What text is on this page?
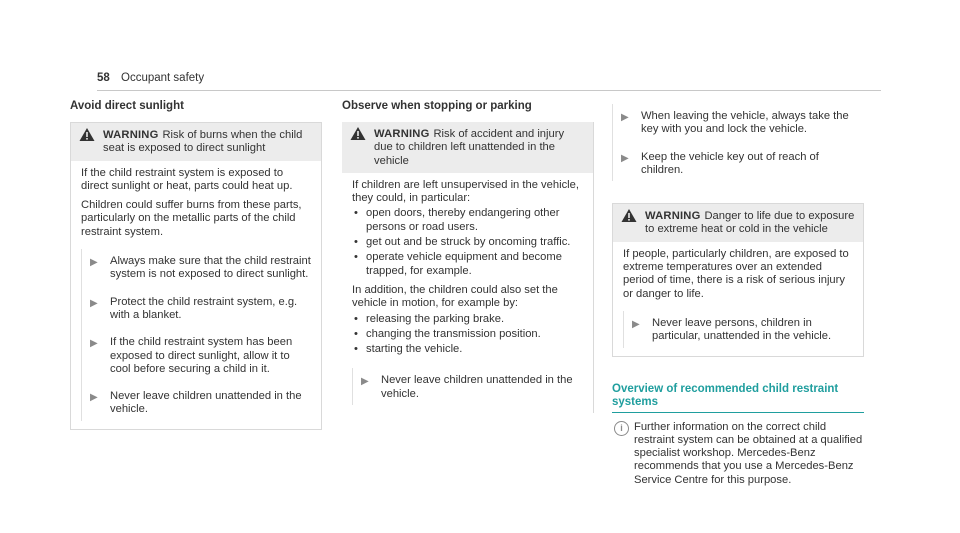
58 Occupant safety
Avoid direct sunlight
WARNING Risk of burns when the child seat is exposed to direct sunlight

If the child restraint system is exposed to direct sunlight or heat, parts could heat up.

Children could suffer burns from these parts, particularly on the metallic parts of the child restraint system.

▶ Always make sure that the child restraint system is not exposed to direct sunlight.
▶ Protect the child restraint system, e.g. with a blanket.
▶ If the child restraint system has been exposed to direct sunlight, allow it to cool before securing a child in it.
▶ Never leave children unattended in the vehicle.
Observe when stopping or parking
WARNING Risk of accident and injury due to children left unattended in the vehicle

If children are left unsupervised in the vehicle, they could, in particular:

• open doors, thereby endangering other persons or road users.
• get out and be struck by oncoming traffic.
• operate vehicle equipment and become trapped, for example.

In addition, the children could also set the vehicle in motion, for example by:

• releasing the parking brake.
• changing the transmission position.
• starting the vehicle.
▶ Never leave children unattended in the vehicle.
▶ When leaving the vehicle, always take the key with you and lock the vehicle.
▶ Keep the vehicle key out of reach of children.
WARNING Danger to life due to exposure to extreme heat or cold in the vehicle

If people, particularly children, are exposed to extreme temperatures over an extended period of time, there is a risk of serious injury or danger to life.

▶ Never leave persons, children in particular, unattended in the vehicle.
Overview of recommended child restraint systems
i	Further information on the correct child restraint system can be obtained at a qualified specialist workshop. Mercedes-Benz recommends that you use a Mercedes-Benz Service Centre for this purpose.
